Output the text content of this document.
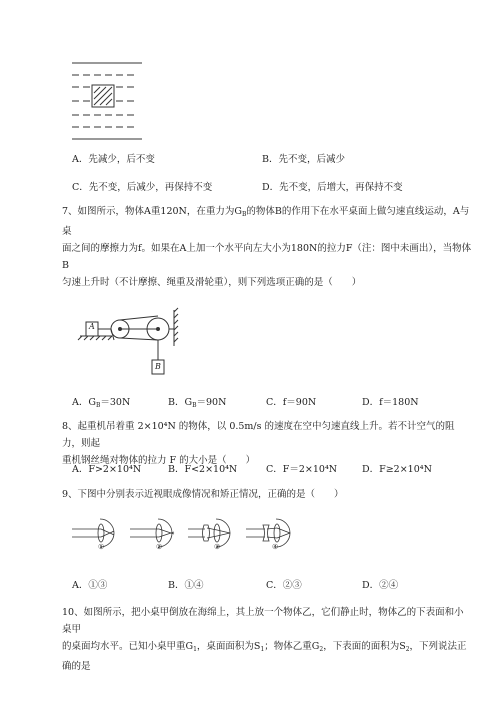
A．先减少，后不变	B．先不变，后减少
C．先不变，后减少，再保持不变	D．先不变，后增大，再保持不变
7、如图所示，物体A重120N，在重力为$G_B$的物体B的作用下在水平桌面上做匀速直线运动，A与桌
面之间的摩擦力为f。如果在A上加一个水平向左大小为180N的拉力F（注：图中未画出），当物体B
匀速上升时（不计摩擦、绳重及滑轮重），则下列选项正确的是（　　）
A
B
A．$G_B=30N$	B．$G_B=90N$	C．f＝90N	D．f＝180N
8、起重机吊着重 2×10⁴N 的物体，以 0.5m/s 的速度在空中匀速直线上升。若不计空气的阻力，则起
重机钢丝绳对物体的拉力 F 的大小是（　　）
A．F>2×10⁴N	B．F<2×10⁴N	C．F＝2×10⁴N	D．F≥2×10⁴N
9、下图中分别表示近视眼成像情况和矫正情况，正确的是（　　）
①	②	③	④
A．①③	B．①④	C．②③	D．②④
10、如图所示，把小桌甲倒放在海绵上，其上放一个物体乙，它们静止时，物体乙的下表面和小桌甲
的桌面均水平。已知小桌甲重$G_1$，桌面面积为$S_1$；物体乙重$G_2$，下表面的面积为$S_2$，下列说法正确的是
